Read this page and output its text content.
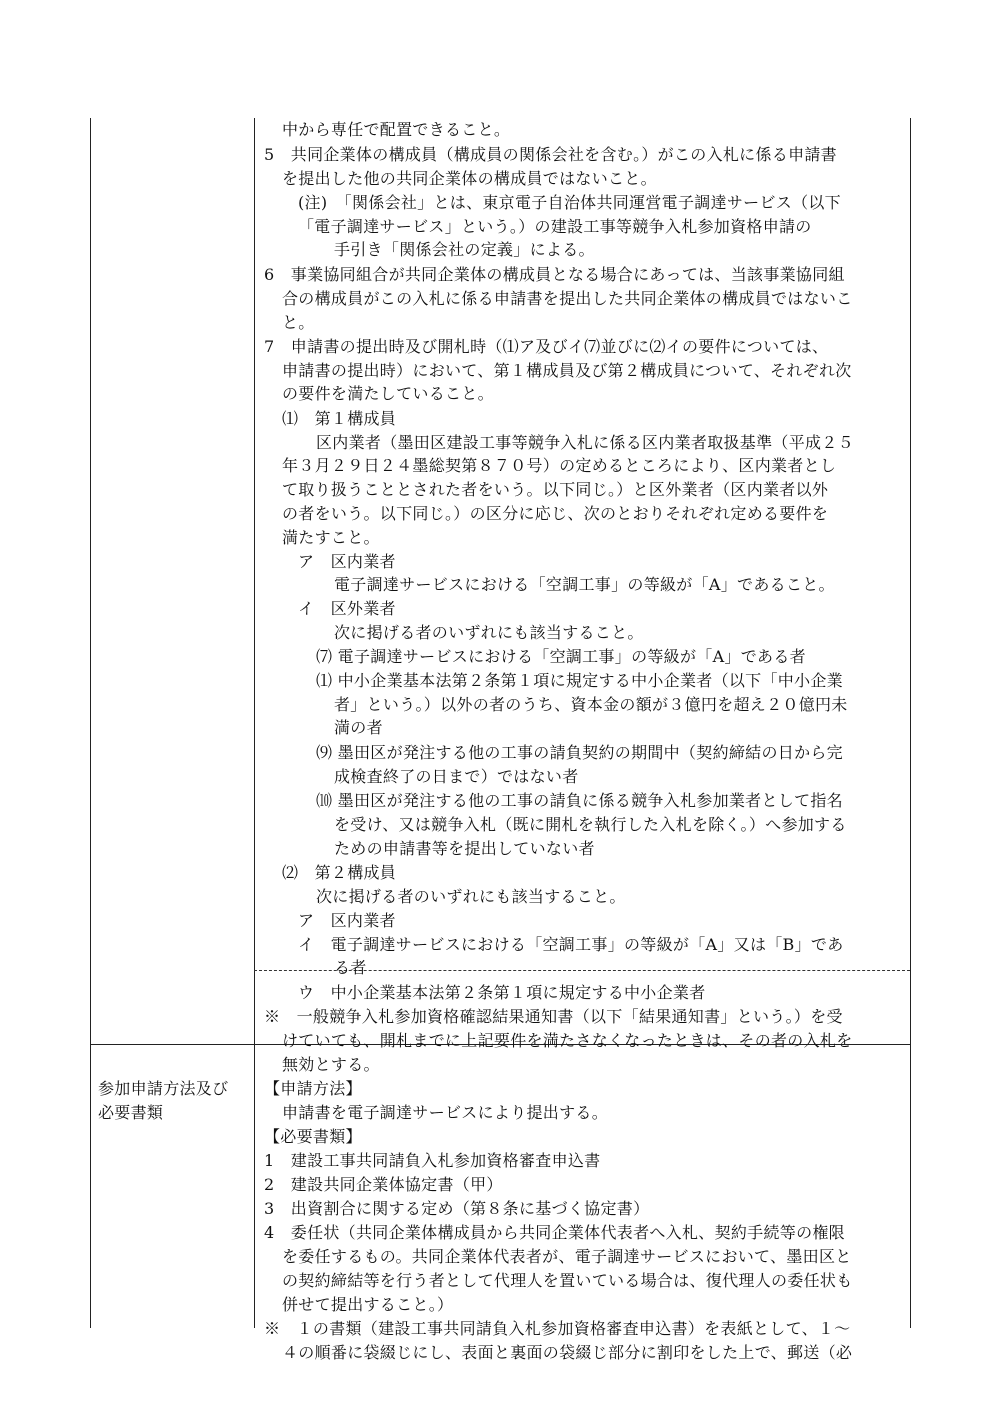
中から専任で配置できること。
5　共同企業体の構成員（構成員の関係会社を含む。）がこの入札に係る申請書
を提出した他の共同企業体の構成員ではないこと。
(注)　「関係会社」とは、東京電子自治体共同運営電子調達サービス（以下
「電子調達サービス」という。）の建設工事等競争入札参加資格申請の
手引き「関係会社の定義」による。
6　事業協同組合が共同企業体の構成員となる場合にあっては、当該事業協同組
合の構成員がこの入札に係る申請書を提出した共同企業体の構成員ではないこ
と。
7　申請書の提出時及び開札時（⑴ア及びイ⑺並びに⑵イの要件については、
申請書の提出時）において、第１構成員及び第２構成員について、それぞれ次
の要件を満たしていること。
⑴　第１構成員
区内業者（墨田区建設工事等競争入札に係る区内業者取扱基準（平成２５
年３月２９日２４墨総契第８７０号）の定めるところにより、区内業者とし
て取り扱うこととされた者をいう。以下同じ。）と区外業者（区内業者以外
の者をいう。以下同じ。）の区分に応じ、次のとおりそれぞれ定める要件を
満たすこと。
ア　区内業者
電子調達サービスにおける「空調工事」の等級が「A」であること。
イ　区外業者
次に掲げる者のいずれにも該当すること。
⑺ 電子調達サービスにおける「空調工事」の等級が「A」である者
⑴ 中小企業基本法第２条第１項に規定する中小企業者（以下「中小企業
者」という。）以外の者のうち、資本金の額が３億円を超え２０億円未
満の者
⑼ 墨田区が発注する他の工事の請負契約の期間中（契約締結の日から完
成検査終了の日まで）ではない者
⑽ 墨田区が発注する他の工事の請負に係る競争入札参加業者として指名
を受け、又は競争入札（既に開札を執行した入札を除く。）へ参加する
ための申請書等を提出していない者
⑵　第２構成員
次に掲げる者のいずれにも該当すること。
ア　区内業者
イ　電子調達サービスにおける「空調工事」の等級が「A」又は「B」であ
る者
ウ　中小企業基本法第２条第１項に規定する中小企業者
※　一般競争入札参加資格確認結果通知書（以下「結果通知書」という。）を受
けていても、開札までに上記要件を満たさなくなったときは、その者の入札を
無効とする。
参加申請方法及び
必要書類
【申請方法】
申請書を電子調達サービスにより提出する。
【必要書類】
1　建設工事共同請負入札参加資格審査申込書
2　建設共同企業体協定書（甲）
3　出資割合に関する定め（第８条に基づく協定書）
4　委任状（共同企業体構成員から共同企業体代表者へ入札、契約手続等の権限
を委任するもの。共同企業体代表者が、電子調達サービスにおいて、墨田区と
の契約締結等を行う者として代理人を置いている場合は、復代理人の委任状も
併せて提出すること。）
※　１の書類（建設工事共同請負入札参加資格審査申込書）を表紙として、１～
４の順番に袋綴じにし、表面と裏面の袋綴じ部分に割印をした上で、郵送（必
